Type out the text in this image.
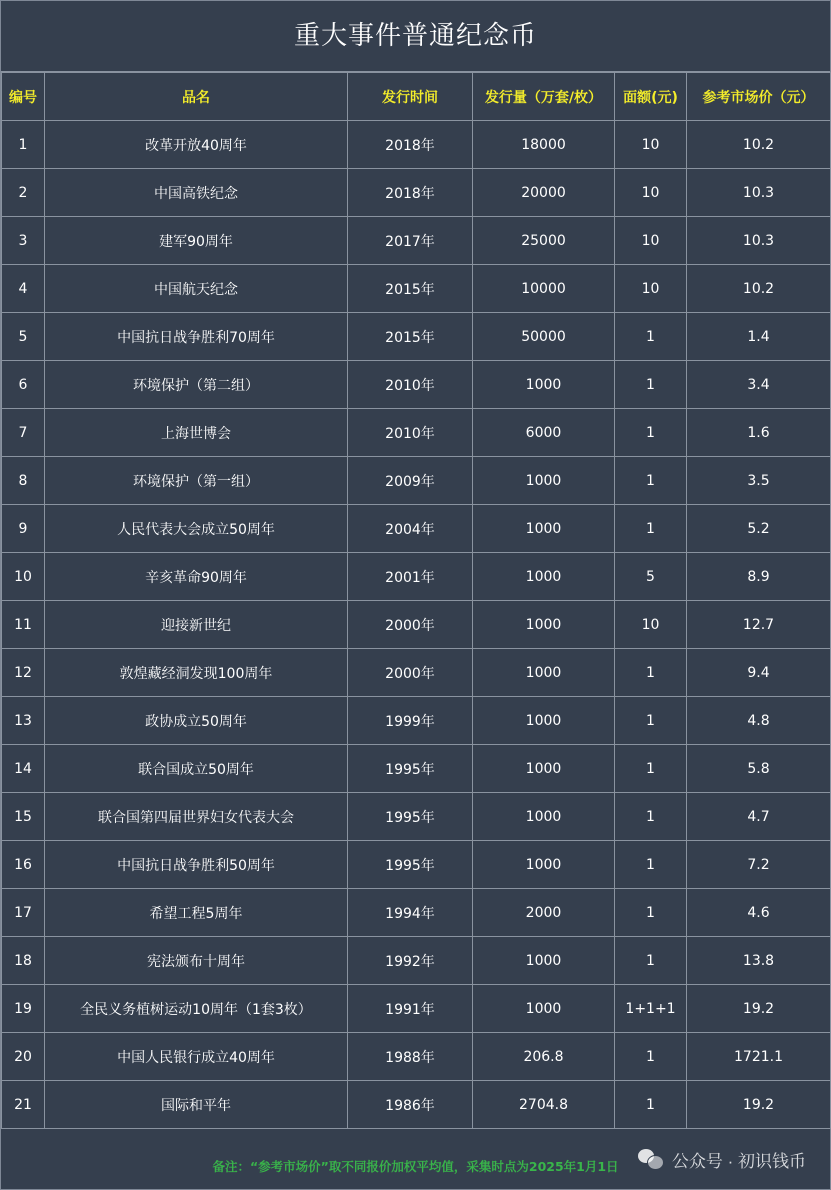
重大事件普通纪念币
编号	品名	发行时间	发行量（万套/枚）	面额(元)	参考市场价（元）
1	改革开放40周年	2018年	18000	10	10.2
2	中国高铁纪念	2018年	20000	10	10.3
3	建军90周年	2017年	25000	10	10.3
4	中国航天纪念	2015年	10000	10	10.2
5	中国抗日战争胜利70周年	2015年	50000	1	1.4
6	环境保护（第二组）	2010年	1000	1	3.4
7	上海世博会	2010年	6000	1	1.6
8	环境保护（第一组）	2009年	1000	1	3.5
9	人民代表大会成立50周年	2004年	1000	1	5.2
10	辛亥革命90周年	2001年	1000	5	8.9
11	迎接新世纪	2000年	1000	10	12.7
12	敦煌藏经洞发现100周年	2000年	1000	1	9.4
13	政协成立50周年	1999年	1000	1	4.8
14	联合国成立50周年	1995年	1000	1	5.8
15	联合国第四届世界妇女代表大会	1995年	1000	1	4.7
16	中国抗日战争胜利50周年	1995年	1000	1	7.2
17	希望工程5周年	1994年	2000	1	4.6
18	宪法颁布十周年	1992年	1000	1	13.8
19	全民义务植树运动10周年（1套3枚）	1991年	1000	1+1+1	19.2
20	中国人民银行成立40周年	1988年	206.8	1	1721.1
21	国际和平年	1986年	2704.8	1	19.2
备注：“参考市场价”取不同报价加权平均值，采集时点为2025年1月1日	公众号 · 初识钱币
